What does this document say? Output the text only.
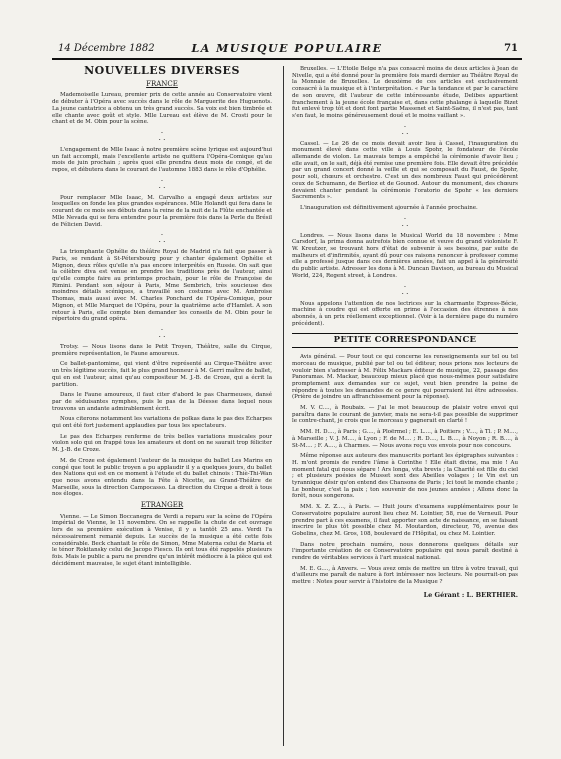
14 Décembre 1882	LA MUSIQUE POPULAIRE	71
NOUVELLES DIVERSES
FRANCE

Mademoiselle Lureau, premier prix de cette année au Conservatoire vient de débuter à l'Opéra avec succès dans le rôle de Marguerite des Huguenots. La jeune cantatrice a obtenu un très grand succès. Sa voix est bien timbrée et elle chante avec goût et style. Mlle Lureau est élève de M. Crosti pour le chant et de M. Obin pour la scène.

·
· ·

L'engagement de Mlle Isaac à notre première scène lyrique est aujourd'hui un fait accompli, mais l'excellente artiste ne quittera l'Opéra-Comique qu'au mois de juin prochain ; après quoi elle prendra deux mois de congé, et de repos, et débutera dans le courant de l'automne 1883 dans le rôle d'Ophélie.

·
· ·

Pour remplacer Mlle Isaac, M. Carvalho a engagé deux artistes sur lesquelles on fonde les plus grandes espérances. Mlle Holandt qui fera dans le courant de ce mois ses débuts dans la reine de la nuit de la Flûte enchantée et Mlle Nevada qui se fera entendre pour la première fois dans la Perle du Brésil de Félicien David.

·
· ·

La triomphante Ophélie du théâtre Royal de Madrid n'a fait que passer à Paris, se rendant à St-Pétersbourg pour y chanter également Ophélie et Mignon, deux rôles qu'elle n'a pas encore interprétés en Russie. On sait que la célèbre diva est venue en prendre les traditions près de l'auteur, ainsi qu'elle compte faire au printemps prochain, pour le rôle de Françoise de Rimini. Pendant son séjour à Paris, Mme Sembrich, très soucieuse des moindres détails scéniques, a travaillé son costume avec M. Ambroise Thomas, mais aussi avec M. Charles Ponchard de l'Opéra-Comique, pour Mignon, et Mlle Marquet de l'Opéra, pour la quatrième acte d'Hamlet. A son retour à Paris, elle compte bien demander les conseils de M. Obin pour le répertoire du grand opéra.

·
· ·

Trotsy. — Nous lisons dans le Petit Troyen, Théâtre, salle du Cirque, première représentation, le Faune amoureux.

Ce ballet-pantomime, qui vient d'être représenté au Cirque-Théâtre avec un très légitime succès, fait le plus grand honneur à M. Gerri maître de ballet, qui en est l'auteur, ainsi qu'au compositeur M. J.-B. de Croze, qui a écrit la partition.

Dans le Faune amoureux, il faut citer d'abord le pas Charmeuses, dansé par de séduisantes nymphes, puis le pas de la Déesse dans lequel nous trouvons un andante admirablement écrit.

Nous citerons notamment les variations de polkas dans le pas des Echarpes qui ont été fort justement applaudies par tous les spectateurs.

Le pas des Echarpes renferme de très belles variations musicales pour violon solo qui on frappé tous les amateurs et dont on ne saurait trop féliciter M. J.-B. de Croze.

M. de Croze est également l'auteur de la musique du ballet Les Marins en congé que tout le public troyen a pu applaudir il y a quelques jours, du ballet des Nations qui est en ce moment à l'étude et du ballet chinois : Thiè-Thi-Wan que nous avons entendu dans la Fête à Nicette, au Grand-Théâtre de Marseille, sous la direction Campocasso. La direction du Cirque a droit à tous nos éloges.

ETRANGER

Vienne. — Le Simon Boccanegra de Verdi a reparu sur la scène de l'Opéra impérial de Vienne, le 11 novembre. On se rappelle la chute de cet ouvrage lors de sa première exécution à Venise, il y a tantôt 25 ans. Verdi l'a nécessairement remanié depuis. Le succès de la musique a été cette fois considérable. Beck chantait le rôle de Simon, Mme Materna celui de Maria et le ténor Rokitansky celui de Jacopo Fiesco. Ils ont tous été rappelés plusieurs fois. Mais le public a paru ne prendre qu'un intérêt médiocre à la pièce qui est décidément mauvaise, le sujet étant inintelligible.

Bruxelles. — L'Etoile Belge n'a pas consacré moins de deux articles à Jean de Nivelle, qui a été donné pour la première fois mardi dernier au Théâtre Royal de la Monnaie de Bruxelles. Le deuxième de ces articles est exclusivement consacré à la musique et à l'interprétation. « Par la tendance et par le caractère de son œuvre, dit l'auteur de cette intéressante étude, Delibes appartient franchement à la jeune école française et, dans cette phalange à laquelle Bizet fut enlevé trop tôt et dont font partie Massenet et Saint-Saëns, il n'est pas, tant s'en faut, le moins généreusement doué et le moins vaillant ».

·
· ·

Cassel. — Le 26 de ce mois devait avoir lieu à Cassel, l'inauguration du monument élevé dans cette ville à Louis Spohr, le fondateur de l'école allemande de violon. Le mauvais temps a empêché la cérémonie d'avoir lieu ; elle avait, on le sait, déjà été remise une première fois. Elle devait être précédée par un grand concert donné la veille et qui se composait du Faust, de Spohr, pour soli, chœurs et orchestre. C'est un des nombreux Faust qui précédèrent ceux de Schumann, de Berlioz et de Gounod. Autour du monument, des chœurs devaient chanter pendant la cérémonie l'oratorio de Spohr « les derniers Sacrements ».

L'inauguration est définitivement ajournée à l'année prochaine.

·
· ·

Londres. — Nous lisons dans le Musical World du 18 novembre : Mme Carsdorf, la prima donna autrefois bien connue et veuve du grand violoniste F. W. Kreutzer, se trouvant hors d'état de subvenir à ses besoins, par suite de malheurs et d'infirmités, ayant dû pour ces raisons renoncer à professer comme elle a professé jusque dans ces dernières années, fait un appel à la générosité du public artiste. Adresser les dons à M. Duncan Davison, au bureau du Musical World, 224, Regent street, à Londres.

·
· ·

Nous appelons l'attention de nos lectrices sur la charmante Express-Bécie, machine à coudre qui est offerte en prime à l'occasion des étrennes à nos abonnés, à un prix réellement exceptionnel. (Voir à la dernière page du numéro précédent).

PETITE CORRESPONDANCE

Avis général. — Pour tout ce qui concerne les renseignements sur tel ou tel morceau de musique, publié par tel ou tel éditeur, nous prions nos lecteurs de vouloir bien s'adresser à M. Félix Mackars éditeur de musique, 22, passage des Panoramas. M. Mackar, beaucoup mieux placé que nous-mêmes pour satisfaire promptement aux demandes sur ce sujet, veut bien prendre la peine de répondre à toutes les demandes de ce genre qui pourraient lui être adressées. (Prière de joindre un affranchissement pour la réponse).

M. V. C...., à Roubaix. — J'ai le mot beaucoup de plaisir votre envoi qui paraîtra dans le courant de janvier, mais ne sera-t-il pas possible de supprimer le contre-chant, je crois que le morceau y gagnerait en clarté !

MM. H. D...., à Paris ; G...., à Ploërmel ; E. L...., à Poitiers ; V...., à Tl. ; P. M...., à Marseille ; V. J. M...., à Lyon ; F. de M.... ; R. D...., L. B...., à Noyon ; R. B...., à St-M.... ; F. A...., à Charmes. — Nous avons reçu vos envois pour nos concours.

Même réponse aux auteurs des manuscrits portant les épigraphes suivantes : H. m'ont promis de rendre l'âme à Corinthe ! Elle était divine, ma mie ! Au moment fatal qui nous sépare ! Ars longa, vita brevis ; la Charité est fille du ciel ; et plusieurs poésies de Musset sont des Abeilles volages ; le Vin est un tyrannique désir qu'on entend des Chansons de Paris ; Ici tout le monde chante ; Le bonheur, c'est la paix ; ton souvenir de nos jeunes années ; Allons donc la forêt, nous songerons.

MM. X. Z. Z...., à Paris. — Huit jours d'examens supplémentaires pour le Conservatoire populaire auront lieu chez M. Lointier, 58, rue de Verneuil. Pour prendre part à ces examens, il faut apporter son acte de naissance, en se faisant inscrire le plus tôt possible chez M. Moutardon, directeur, 76, avenue des Gobelins, chez M. Gros, 108, boulevard de l'Hôpital, ou chez M. Lointier.

Dans notre prochain numéro, nous donnerons quelques détails sur l'importante création de ce Conservatoire populaire qui nous paraît destiné à rendre de véritables services à l'art musical national.

M. E. G...., à Anvers. — Vous avez omis de mettre un titre à votre travail, qui d'ailleurs me paraît de nature à fort intéresser nos lecteurs. Ne pourrait-on pas mettre : Notes pour servir à l'histoire de la Musique ?

Le Gérant : L. BERTHIER.
